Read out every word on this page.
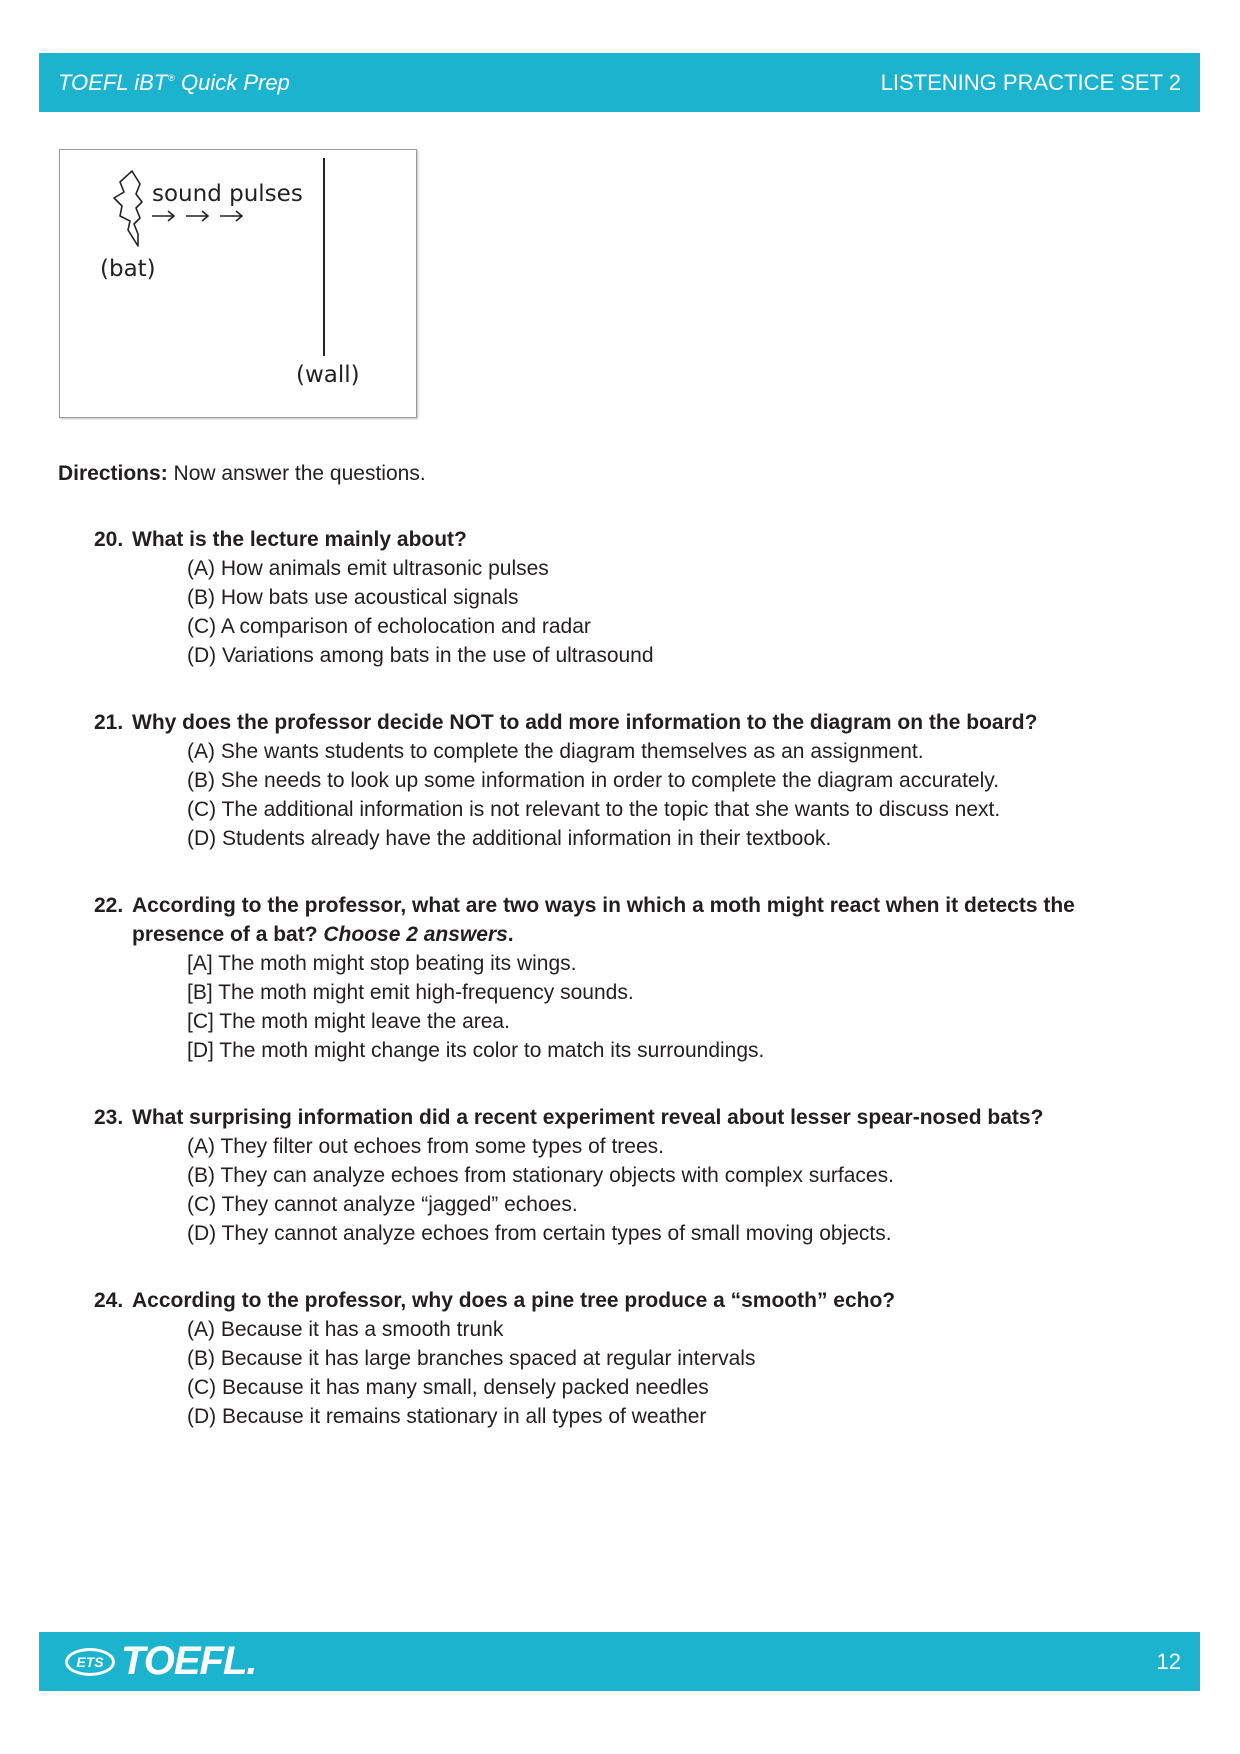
TOEFL iBT® Quick Prep	LISTENING PRACTICE SET 2
sound pulses
(bat)
(wall)
Directions: Now answer the questions.
20. What is the lecture mainly about?
(A) How animals emit ultrasonic pulses
(B) How bats use acoustical signals
(C) A comparison of echolocation and radar
(D) Variations among bats in the use of ultrasound
21. Why does the professor decide NOT to add more information to the diagram on the board?
(A) She wants students to complete the diagram themselves as an assignment.
(B) She needs to look up some information in order to complete the diagram accurately.
(C) The additional information is not relevant to the topic that she wants to discuss next.
(D) Students already have the additional information in their textbook.
22. According to the professor, what are two ways in which a moth might react when it detects the presence of a bat? Choose 2 answers.
[A] The moth might stop beating its wings.
[B] The moth might emit high-frequency sounds.
[C] The moth might leave the area.
[D] The moth might change its color to match its surroundings.
23. What surprising information did a recent experiment reveal about lesser spear-nosed bats?
(A) They filter out echoes from some types of trees.
(B) They can analyze echoes from stationary objects with complex surfaces.
(C) They cannot analyze “jagged” echoes.
(D) They cannot analyze echoes from certain types of small moving objects.
24. According to the professor, why does a pine tree produce a “smooth” echo?
(A) Because it has a smooth trunk
(B) Because it has large branches spaced at regular intervals
(C) Because it has many small, densely packed needles
(D) Because it remains stationary in all types of weather
ETS TOEFL.	12
